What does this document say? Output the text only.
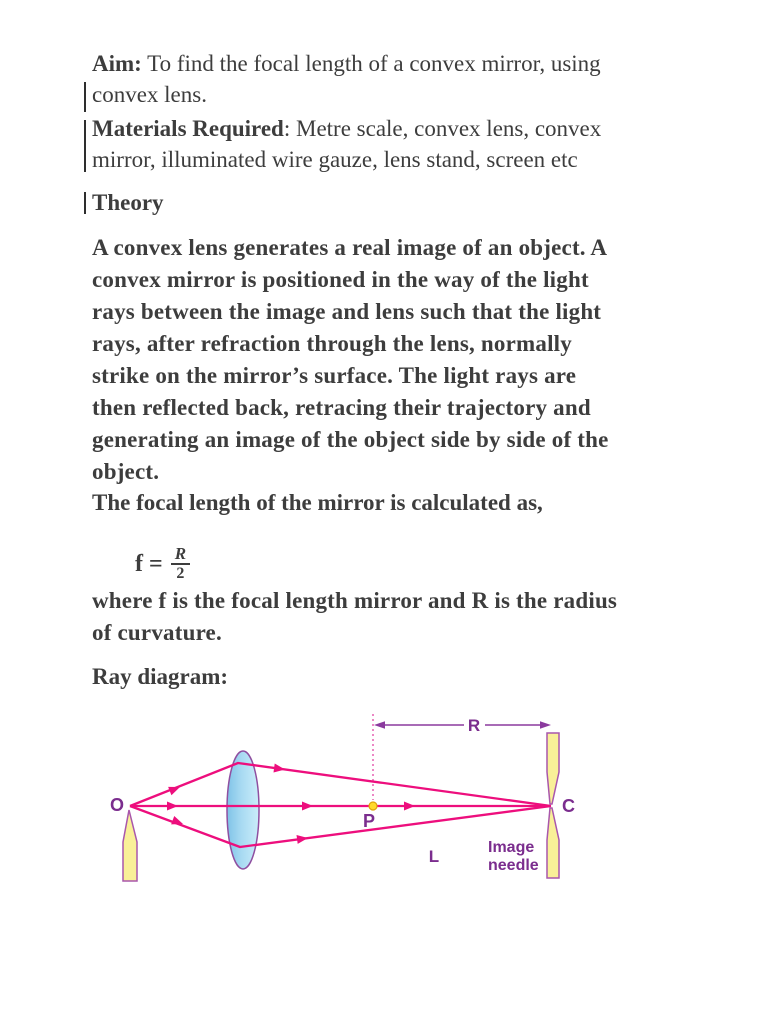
Aim: To find the focal length of a convex mirror, using
convex lens.
Materials Required: Metre scale, convex lens, convex
mirror, illuminated wire gauze, lens stand, screen etc
Theory
A convex lens generates a real image of an object. A
convex mirror is positioned in the way of the light
rays between the image and lens such that the light
rays, after refraction through the lens, normally
strike on the mirror’s surface. The light rays are
then reflected back, retracing their trajectory and
generating an image of the object side by side of the
object.
The focal length of the mirror is calculated as,
$f = \frac{R}{2}$
where f is the focal length mirror and R is the radius
of curvature.
Ray diagram:
R
O
P
C
L	Image
needle
